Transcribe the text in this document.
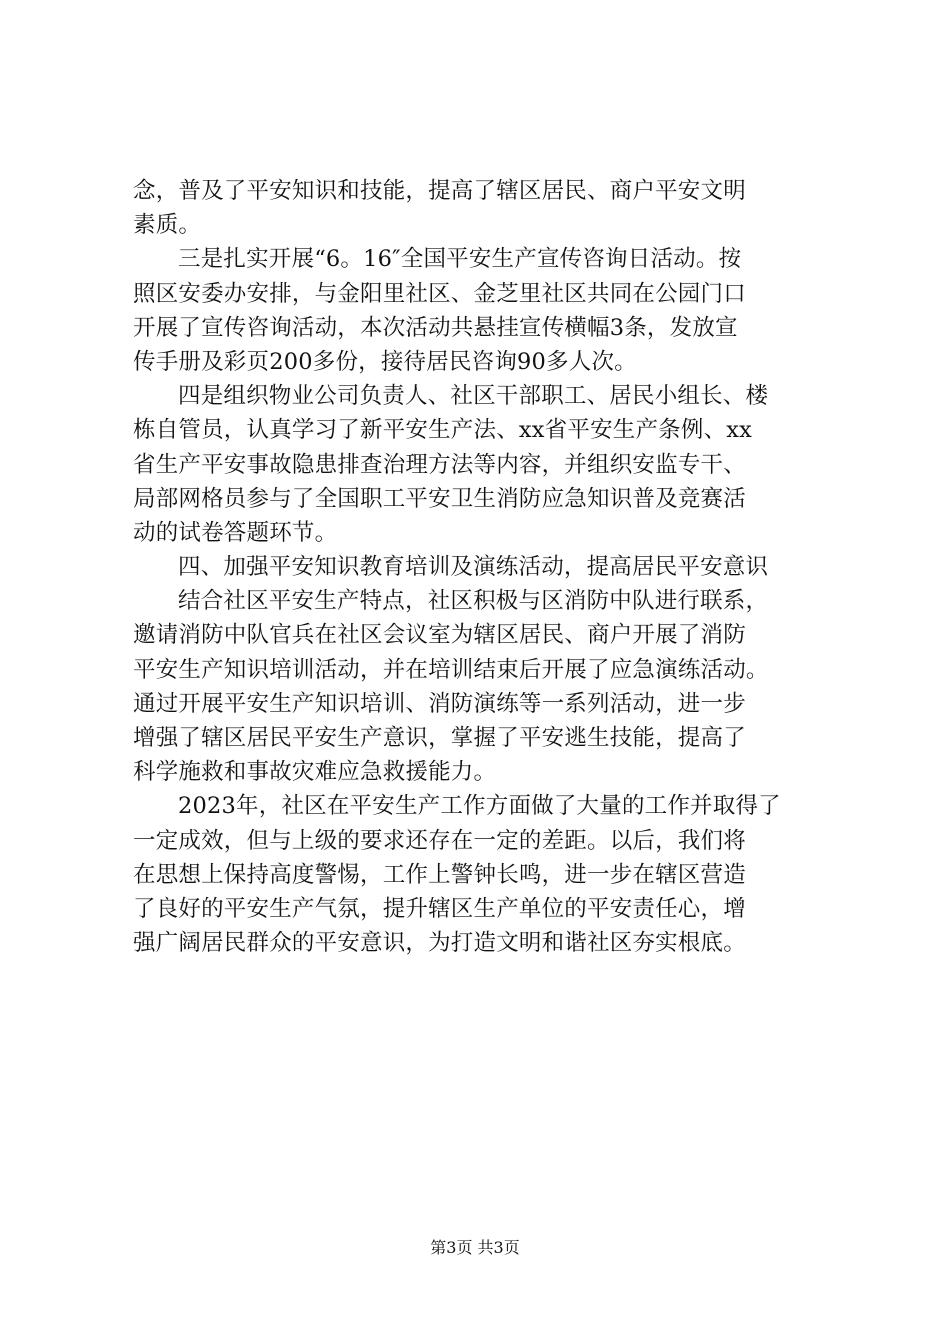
念，普及了平安知识和技能，提高了辖区居民、商户平安文明
素质。
三是扎实开展“6。16″全国平安生产宣传咨询日活动。按
照区安委办安排，与金阳里社区、金芝里社区共同在公园门口
开展了宣传咨询活动，本次活动共悬挂宣传横幅3条，发放宣
传手册及彩页200多份，接待居民咨询90多人次。
四是组织物业公司负责人、社区干部职工、居民小组长、楼
栋自管员，认真学习了新平安生产法、xx省平安生产条例、xx
省生产平安事故隐患排查治理方法等内容，并组织安监专干、
局部网格员参与了全国职工平安卫生消防应急知识普及竞赛活
动的试卷答题环节。
四、加强平安知识教育培训及演练活动，提高居民平安意识
结合社区平安生产特点，社区积极与区消防中队进行联系，
邀请消防中队官兵在社区会议室为辖区居民、商户开展了消防
平安生产知识培训活动，并在培训结束后开展了应急演练活动。
通过开展平安生产知识培训、消防演练等一系列活动，进一步
增强了辖区居民平安生产意识，掌握了平安逃生技能，提高了
科学施救和事故灾难应急救援能力。
2023年，社区在平安生产工作方面做了大量的工作并取得了
一定成效，但与上级的要求还存在一定的差距。以后，我们将
在思想上保持高度警惕，工作上警钟长鸣，进一步在辖区营造
了良好的平安生产气氛，提升辖区生产单位的平安责任心，增
强广阔居民群众的平安意识，为打造文明和谐社区夯实根底。
第3页 共3页
